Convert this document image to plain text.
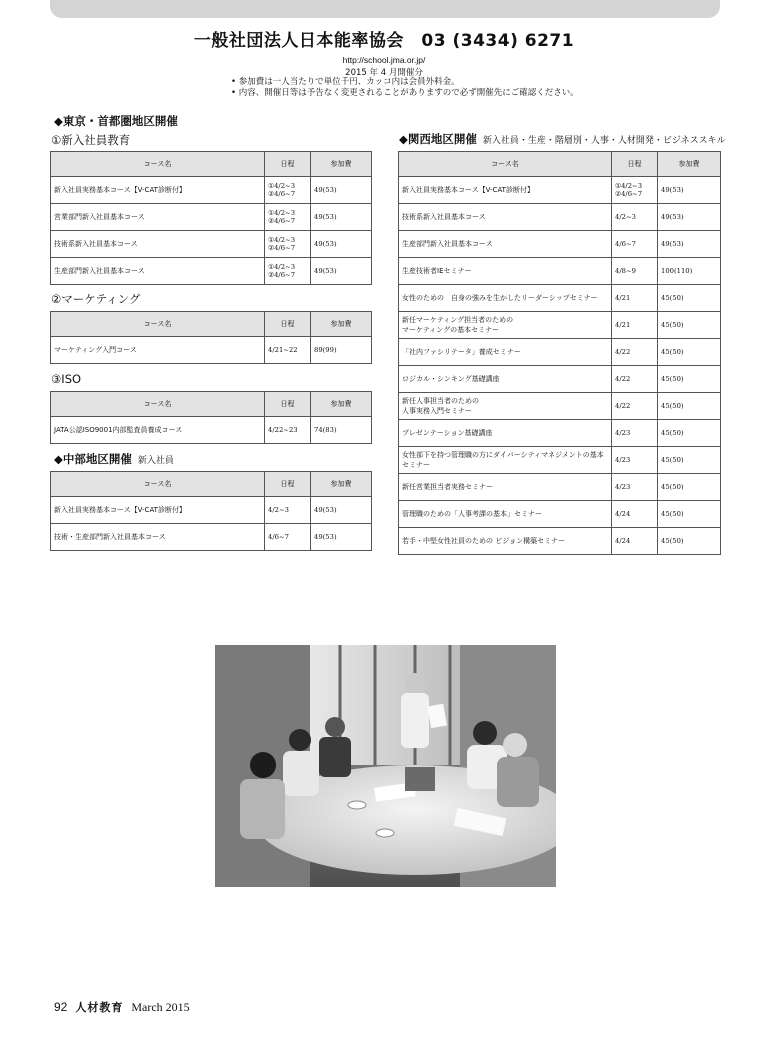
一般社団法人日本能率協会　03 (3434) 6271
http://school.jma.or.jp/
2015 年 4 月開催分
• 参加費は一人当たりで単位千円、カッコ内は会員外料金。
• 内容、開催日等は予告なく変更されることがありますので必ず開催先にご確認ください。
◆東京・首都圏地区開催
①新入社員教育
コース名	日程	参加費
新入社員実務基本コース【V-CAT診断付】	①4/2~3
②4/6~7	49(53)
営業部門新入社員基本コース	①4/2~3
②4/6~7	49(53)
技術系新入社員基本コース	①4/2~3
②4/6~7	49(53)
生産部門新入社員基本コース	①4/2~3
②4/6~7	49(53)
②マーケティング
コース名	日程	参加費
マーケティング入門コース	4/21~22	89(99)
③ISO
コース名	日程	参加費
JATA公認ISO9001内部監査員養成コース	4/22~23	74(83)
◆中部地区開催 新入社員
コース名	日程	参加費
新入社員実務基本コース【V-CAT診断付】	4/2~3	49(53)
技術・生産部門新入社員基本コース	4/6~7	49(53)
◆関西地区開催 新入社員・生産・階層別・人事・人材開発・ビジネススキル
コース名	日程	参加費
新入社員実務基本コース【V-CAT診断付】	①4/2~3
②4/6~7	49(53)
技術系新入社員基本コース	4/2~3	49(53)
生産部門新入社員基本コース	4/6~7	49(53)
生産技術者IEセミナー	4/8~9	100(110)
女性のための　自身の強みを生かしたリーダーシップセミナー	4/21	45(50)
新任マーケティング担当者のための
マーケティングの基本セミナー	4/21	45(50)
「社内ファシリテータ」養成セミナー	4/22	45(50)
ロジカル・シンキング基礎講座	4/22	45(50)
新任人事担当者のための
人事実務入門セミナー	4/22	45(50)
プレゼンテーション基礎講座	4/23	45(50)
女性部下を持つ管理職の方にダイバーシティマネジメントの基本セミナー	4/23	45(50)
新任営業担当者実務セミナー	4/23	45(50)
管理職のための「人事考課の基本」セミナー	4/24	45(50)
若手・中堅女性社員のための ビジョン構築セミナー	4/24	45(50)
92 人材教育 March 2015
